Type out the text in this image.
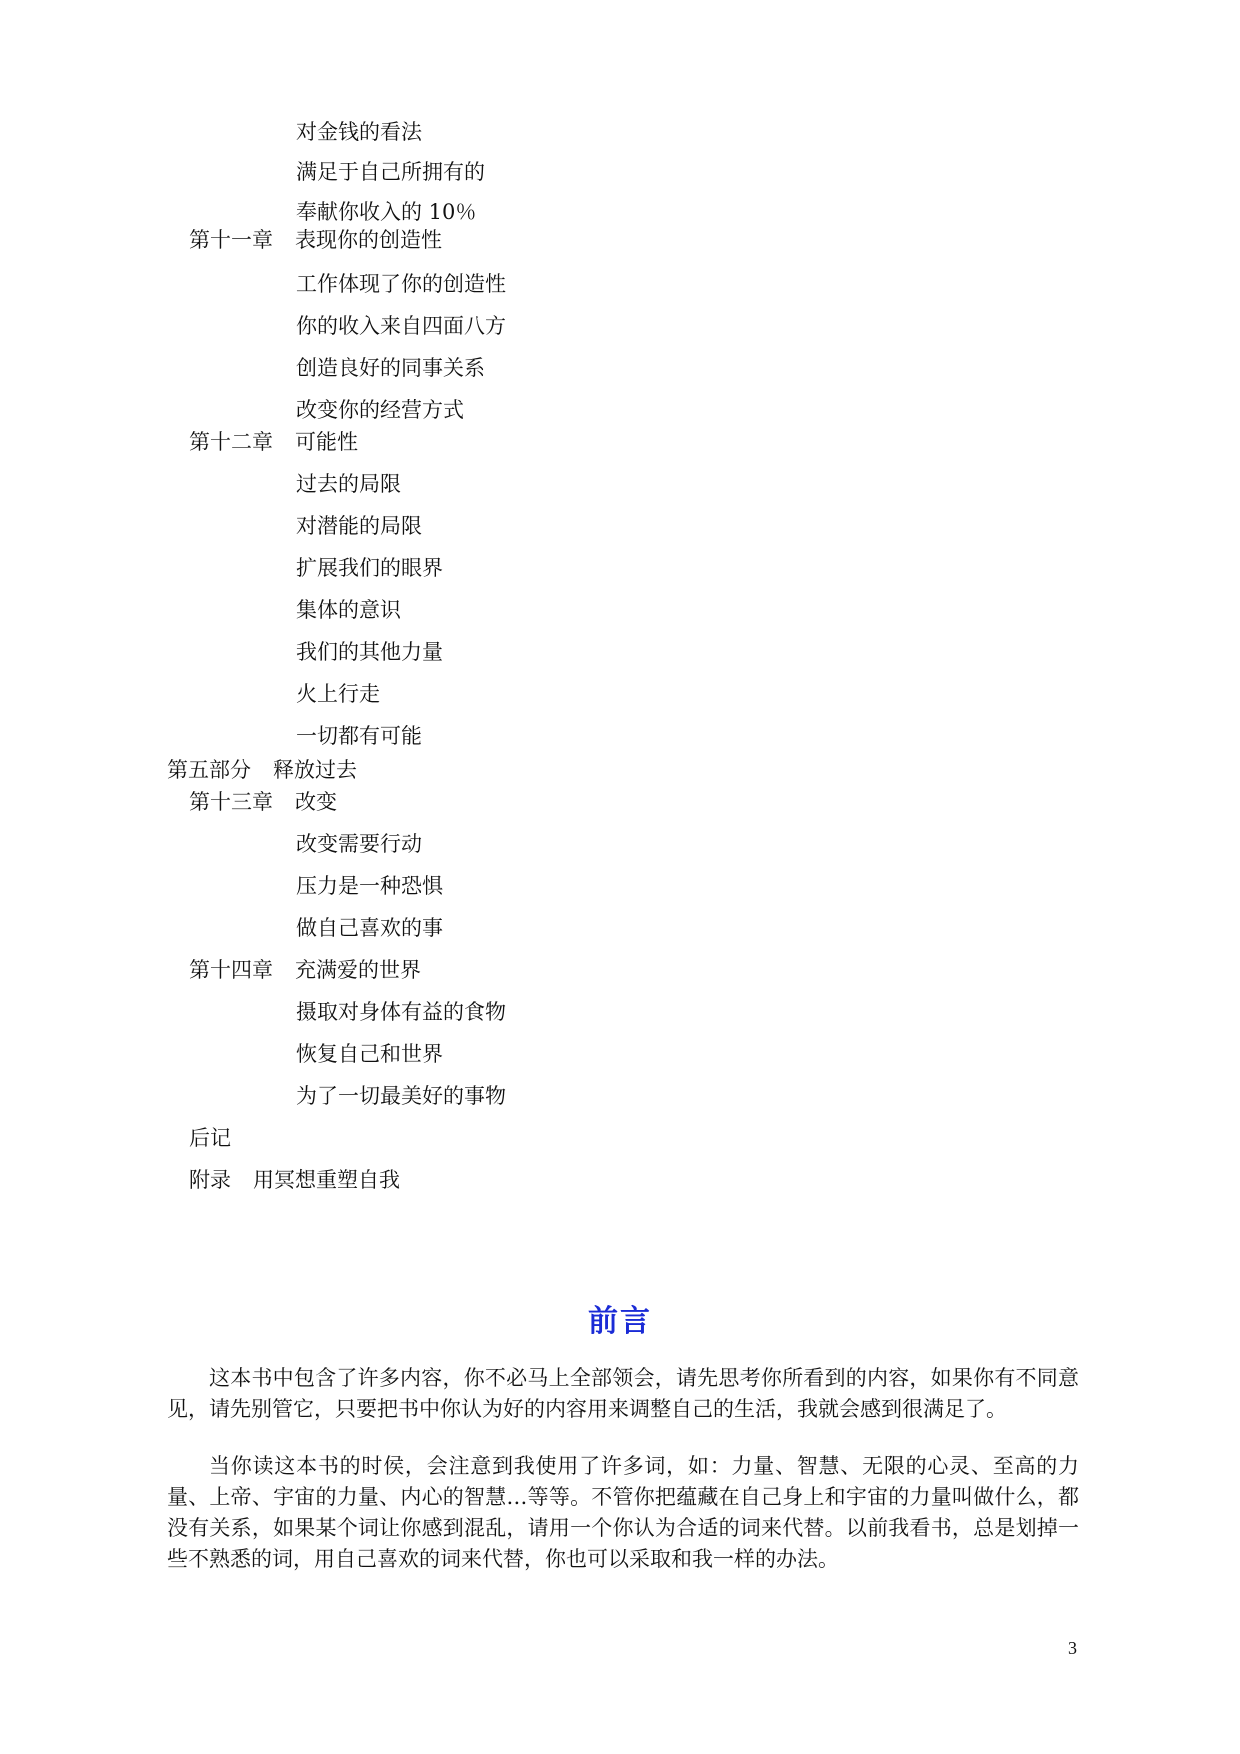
对金钱的看法
满足于自己所拥有的
奉献你收入的 10％
第十一章 表现你的创造性
工作体现了你的创造性
你的收入来自四面八方
创造良好的同事关系
改变你的经营方式
第十二章 可能性
过去的局限
对潜能的局限
扩展我们的眼界
集体的意识
我们的其他力量
火上行走
一切都有可能
第五部分 释放过去
第十三章 改变
改变需要行动
压力是一种恐惧
做自己喜欢的事
第十四章 充满爱的世界
摄取对身体有益的食物
恢复自己和世界
为了一切最美好的事物
后记
附录 用冥想重塑自我
前言

这本书中包含了许多内容，你不必马上全部领会，请先思考你所看到的内容，如果你有不同意见，请先别管它，只要把书中你认为好的内容用来调整自己的生活，我就会感到很满足了。

当你读这本书的时侯，会注意到我使用了许多词，如：力量、智慧、无限的心灵、至高的力量、上帝、宇宙的力量、内心的智慧…等等。不管你把蕴藏在自己身上和宇宙的力量叫做什么，都没有关系，如果某个词让你感到混乱，请用一个你认为合适的词来代替。以前我看书，总是划掉一些不熟悉的词，用自己喜欢的词来代替，你也可以采取和我一样的办法。

3
